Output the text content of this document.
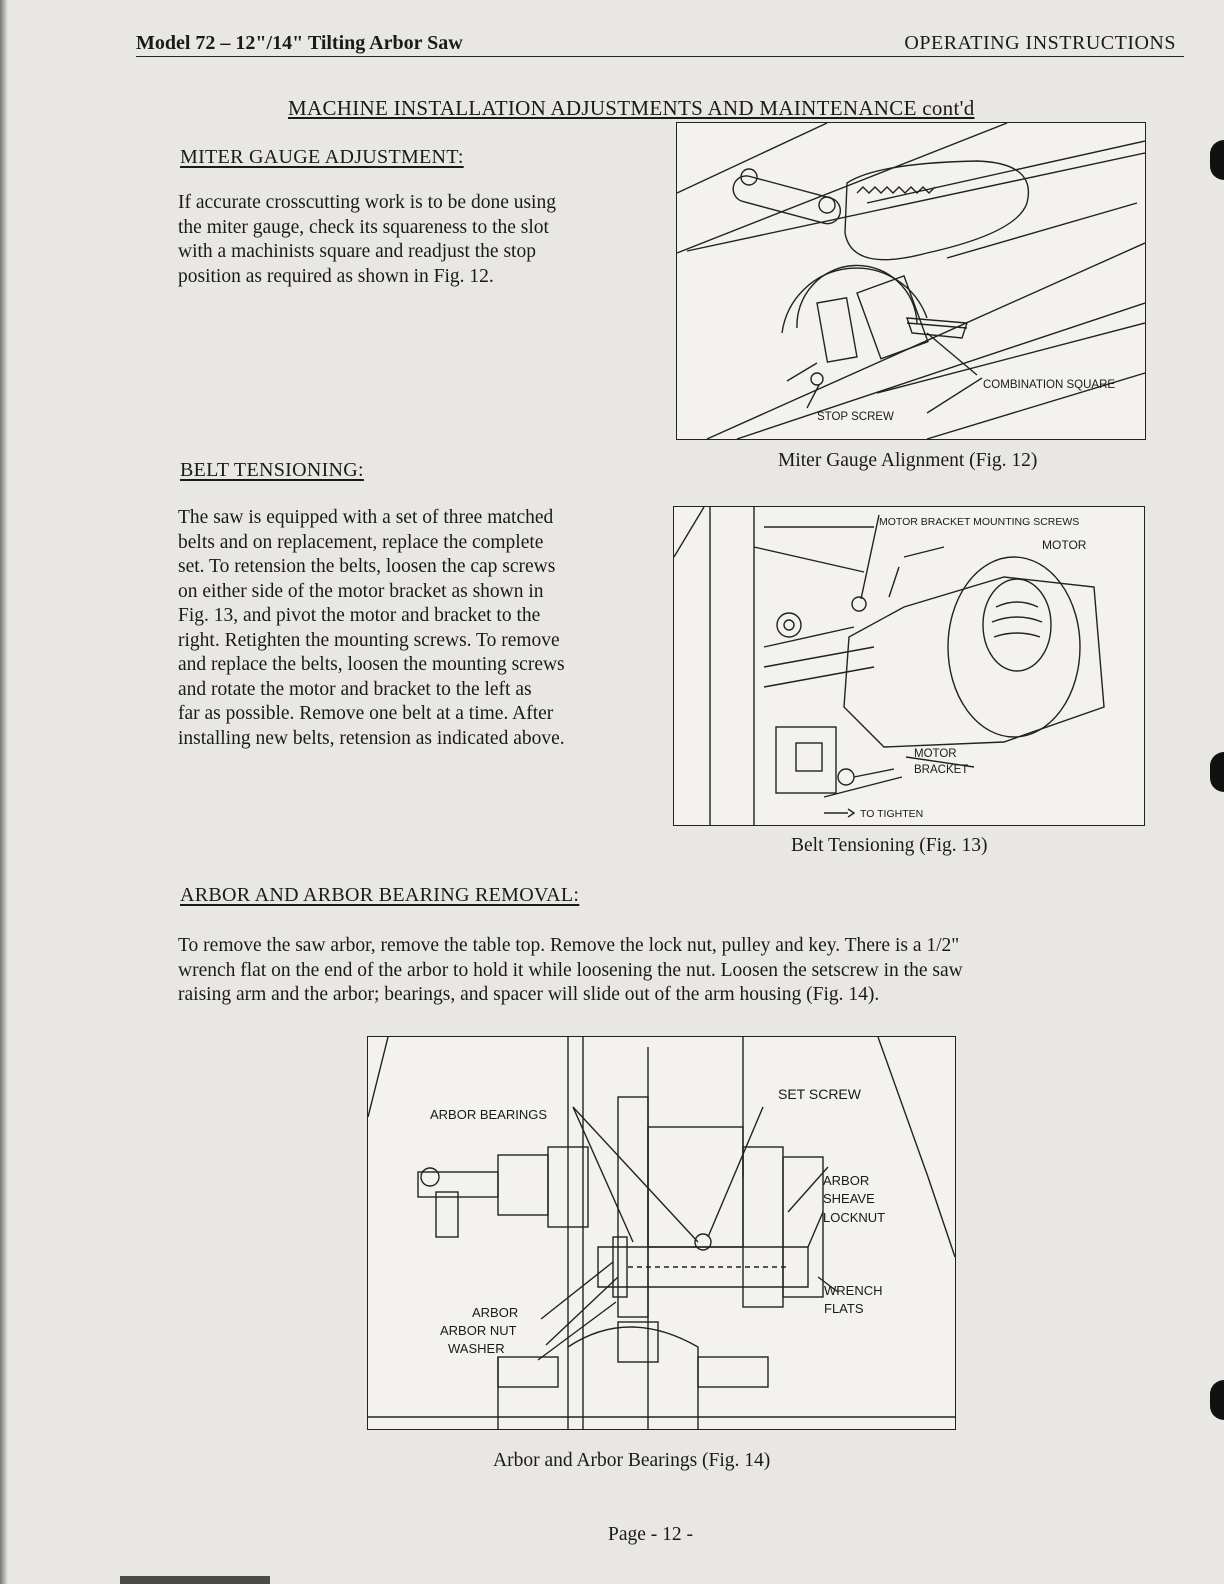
Model 72 – 12"/14" Tilting Arbor Saw	OPERATING INSTRUCTIONS
MACHINE INSTALLATION ADJUSTMENTS AND MAINTENANCE cont'd
MITER GAUGE ADJUSTMENT:

If accurate crosscutting work is to be done using
the miter gauge, check its squareness to the slot
with a machinists square and readjust the stop
position as required as shown in Fig. 12.

COMBINATION SQUARE
STOP SCREW
Miter Gauge Alignment (Fig. 12)
BELT TENSIONING:

The saw is equipped with a set of three matched
belts and on replacement, replace the complete
set. To retension the belts, loosen the cap screws
on either side of the motor bracket as shown in
Fig. 13, and pivot the motor and bracket to the
right. Retighten the mounting screws. To remove
and replace the belts, loosen the mounting screws
and rotate the motor and bracket to the left as
far as possible. Remove one belt at a time. After
installing new belts, retension as indicated above.

MOTOR BRACKET MOUNTING SCREWS
MOTOR
MOTOR
BRACKET
TO TIGHTEN
Belt Tensioning (Fig. 13)
ARBOR AND ARBOR BEARING REMOVAL:

To remove the saw arbor, remove the table top. Remove the lock nut, pulley and key. There is a 1/2"
wrench flat on the end of the arbor to hold it while loosening the nut. Loosen the setscrew in the saw
raising arm and the arbor; bearings, and spacer will slide out of the arm housing (Fig. 14).

SET SCREW
ARBOR BEARINGS
ARBOR
SHEAVE
LOCKNUT
WRENCH
FLATS
ARBOR
ARBOR NUT
WASHER
Arbor and Arbor Bearings (Fig. 14)
Page - 12 -
